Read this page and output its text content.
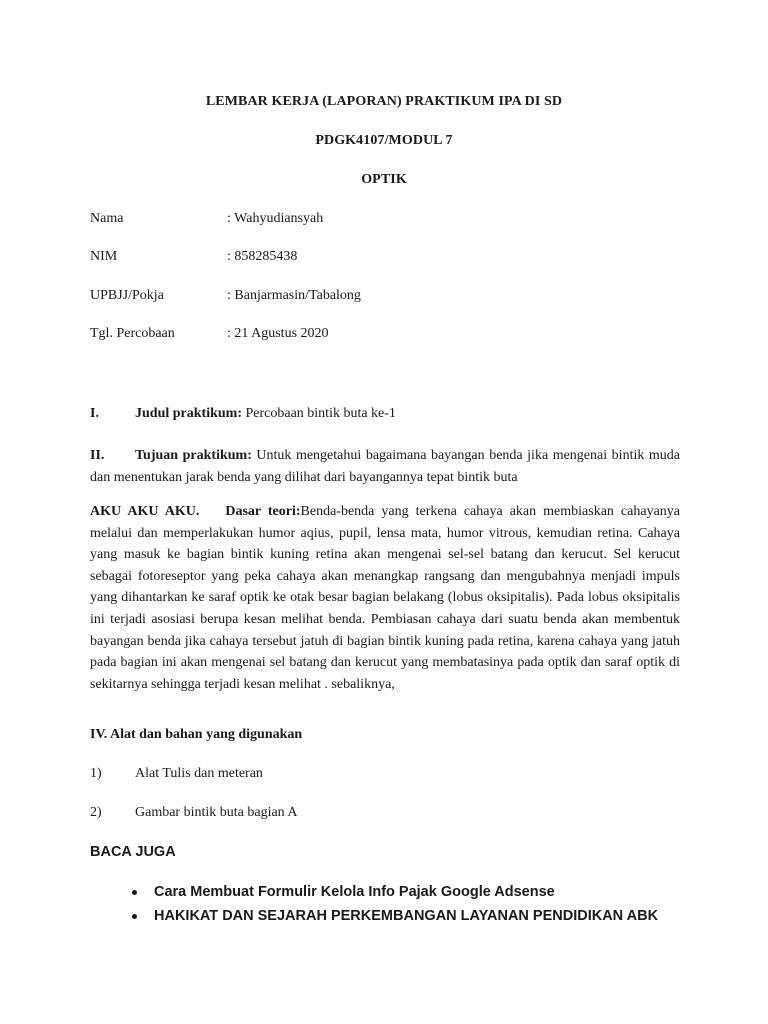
LEMBAR KERJA (LAPORAN) PRAKTIKUM IPA DI SD
PDGK4107/MODUL 7
OPTIK
Nama	: Wahyudiansyah
NIM	: 858285438
UPBJJ/Pokja	: Banjarmasin/Tabalong
Tgl. Percobaan	: 21 Agustus 2020
I.	Judul praktikum: Percobaan bintik buta ke-1
II. Tujuan praktikum: Untuk mengetahui bagaimana bayangan benda jika mengenai bintik muda dan menentukan jarak benda yang dilihat dari bayangannya tepat bintik buta
AKU AKU AKU. Dasar teori:Benda-benda yang terkena cahaya akan membiaskan cahayanya melalui dan memperlakukan humor aqius, pupil, lensa mata, humor vitrous, kemudian retina. Cahaya yang masuk ke bagian bintik kuning retina akan mengenai sel-sel batang dan kerucut. Sel kerucut sebagai fotoreseptor yang peka cahaya akan menangkap rangsang dan mengubahnya menjadi impuls yang dihantarkan ke saraf optik ke otak besar bagian belakang (lobus oksipitalis). Pada lobus oksipitalis ini terjadi asosiasi berupa kesan melihat benda. Pembiasan cahaya dari suatu benda akan membentuk bayangan benda jika cahaya tersebut jatuh di bagian bintik kuning pada retina, karena cahaya yang jatuh pada bagian ini akan mengenai sel batang dan kerucut yang membatasinya pada optik dan saraf optik di sekitarnya sehingga terjadi kesan melihat . sebaliknya,
IV. Alat dan bahan yang digunakan
1) Alat Tulis dan meteran
2) Gambar bintik buta bagian A
BACA JUGA
Cara Membuat Formulir Kelola Info Pajak Google Adsense
HAKIKAT DAN SEJARAH PERKEMBANGAN LAYANAN PENDIDIKAN ABK
